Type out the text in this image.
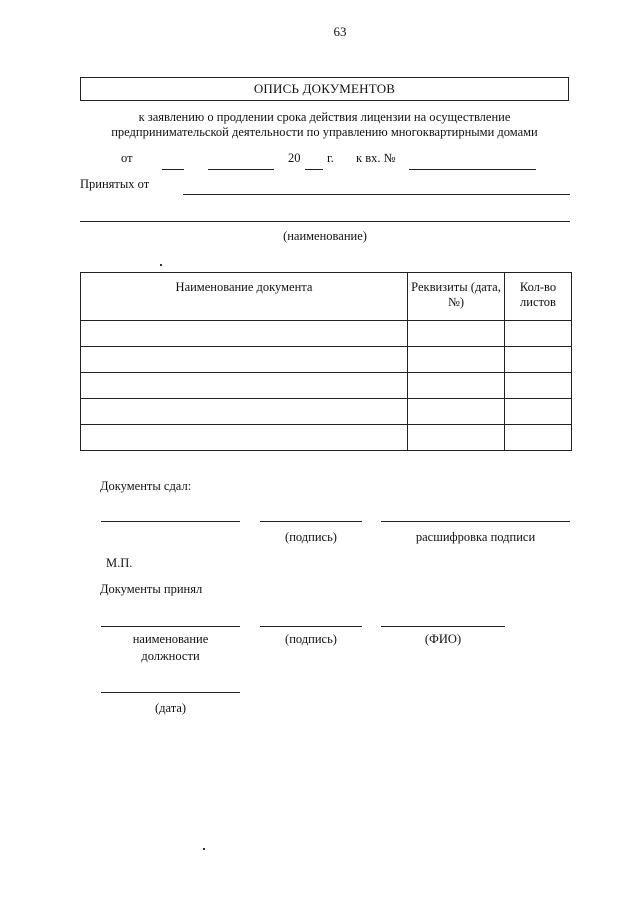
63
ОПИСЬ ДОКУМЕНТОВ
к заявлению о продлении срока действия лицензии на осуществление
предпринимательской деятельности по управлению многоквартирными домами
от	20 г. к вх. №
Принятых от
(наименование)
Наименование документа	Реквизиты (дата, №)	Кол-во листов

Документы сдал:
(подпись)	расшифровка подписи
М.П.
Документы принял
наименование
должности
(подпись)	(ФИО)
(дата)
